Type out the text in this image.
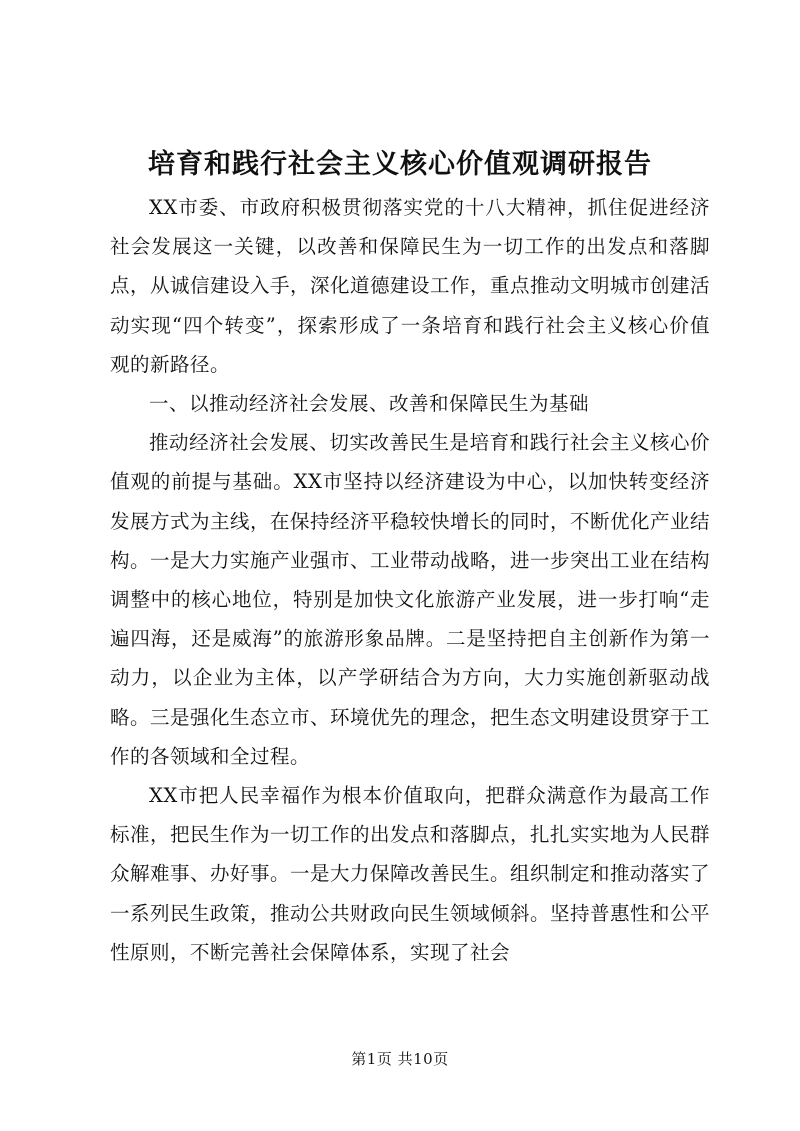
培育和践行社会主义核心价值观调研报告

XX市委、市政府积极贯彻落实党的十八大精神，抓住促进经济社会发展这一关键，以改善和保障民生为一切工作的出发点和落脚点，从诚信建设入手，深化道德建设工作，重点推动文明城市创建活动实现“四个转变”，探索形成了一条培育和践行社会主义核心价值观的新路径。

一、以推动经济社会发展、改善和保障民生为基础

推动经济社会发展、切实改善民生是培育和践行社会主义核心价值观的前提与基础。XX市坚持以经济建设为中心，以加快转变经济发展方式为主线，在保持经济平稳较快增长的同时，不断优化产业结构。一是大力实施产业强市、工业带动战略，进一步突出工业在结构调整中的核心地位，特别是加快文化旅游产业发展，进一步打响“走遍四海，还是威海”的旅游形象品牌。二是坚持把自主创新作为第一动力，以企业为主体，以产学研结合为方向，大力实施创新驱动战略。三是强化生态立市、环境优先的理念，把生态文明建设贯穿于工作的各领域和全过程。

XX市把人民幸福作为根本价值取向，把群众满意作为最高工作标准，把民生作为一切工作的出发点和落脚点，扎扎实实地为人民群众解难事、办好事。一是大力保障改善民生。组织制定和推动落实了一系列民生政策，推动公共财政向民生领域倾斜。坚持普惠性和公平性原则，不断完善社会保障体系，实现了社会

第1页 共10页
